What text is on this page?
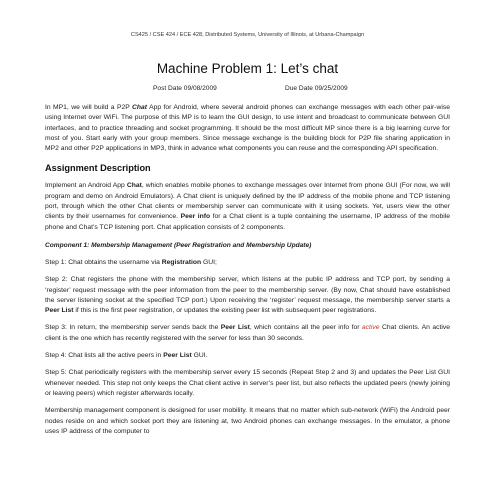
CS425 / CSE 424 / ECE 428, Distributed Systems, University of Illinois, at Urbana-Champaign
Machine Problem 1: Let’s chat
Post Date 09/08/2009	Due Date 09/25/2009

In MP1, we will build a P2P Chat App for Android, where several android phones can exchange messages with each other pair-wise using Internet over WiFi. The purpose of this MP is to learn the GUI design, to use intent and broadcast to communicate between GUI interfaces, and to practice threading and socket programming. It should be the most difficult MP since there is a big learning curve for most of you. Start early with your group members. Since message exchange is the building block for P2P file sharing application in MP2 and other P2P applications in MP3, think in advance what components you can reuse and the corresponding API specification.

Assignment Description

Implement an Android App Chat, which enables mobile phones to exchange messages over Internet from phone GUI (For now, we will program and demo on Android Emulators). A Chat client is uniquely defined by the IP address of the mobile phone and TCP listening port, through which the other Chat clients or membership server can communicate with it using sockets. Yet, users view the other clients by their usernames for convenience. Peer info for a Chat client is a tuple containing the username, IP address of the mobile phone and Chat’s TCP listening port. Chat application consists of 2 components.

Component 1: Membership Management (Peer Registration and Membership Update)

Step 1: Chat obtains the username via Registration GUI;

Step 2: Chat registers the phone with the membership server, which listens at the public IP address and TCP port, by sending a ‘register’ request message with the peer information from the peer to the membership server. (By now, Chat should have established the server listening socket at the specified TCP port.) Upon receiving the ‘register’ request message, the membership server starts a Peer List if this is the first peer registration, or updates the existing peer list with subsequent peer registrations.

Step 3: In return, the membership server sends back the Peer List, which contains all the peer info for active Chat clients. An active client is the one which has recently registered with the server for less than 30 seconds.

Step 4: Chat lists all the active peers in Peer List GUI.

Step 5: Chat periodically registers with the membership server every 15 seconds (Repeat Step 2 and 3) and updates the Peer List GUI whenever needed. This step not only keeps the Chat client active in server’s peer list, but also reflects the updated peers (newly joining or leaving peers) which register afterwards locally.

Membership management component is designed for user mobility. It means that no matter which sub-network (WiFi) the Android peer nodes reside on and which socket port they are listening at, two Android phones can exchange messages. In the emulator, a phone uses IP address of the computer to
